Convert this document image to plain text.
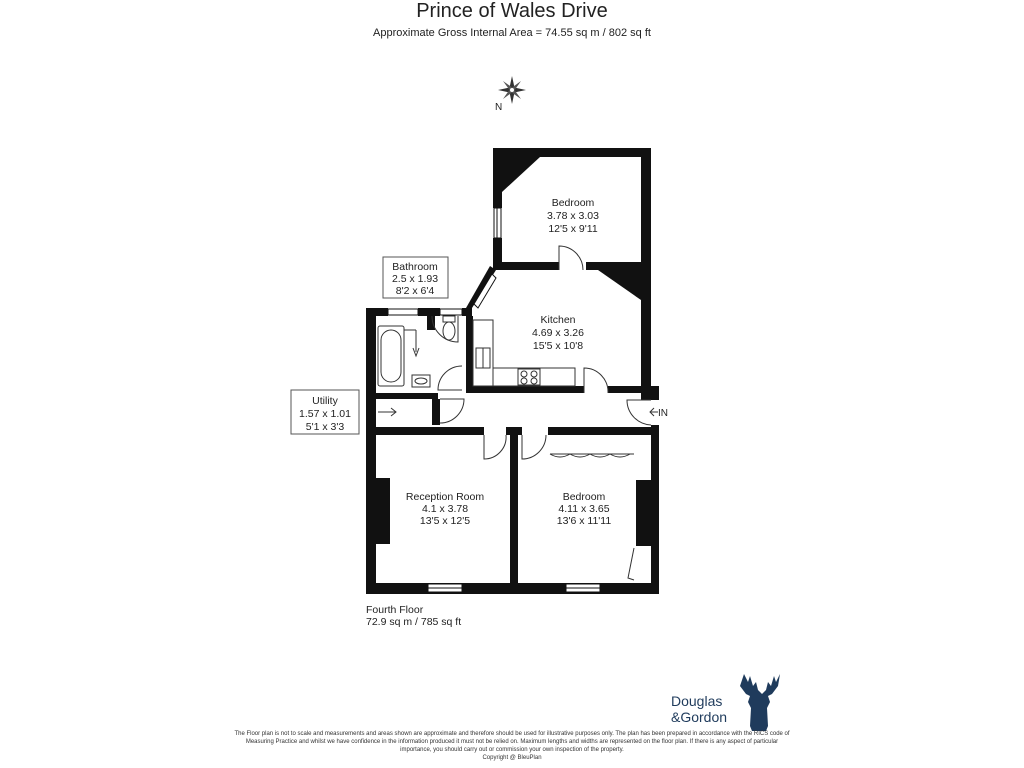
Prince of Wales Drive
Approximate Gross Internal Area = 74.55 sq m / 802 sq ft
N
IN
Bedroom
3.78 x 3.03
12'5 x 9'11
Bathroom
2.5 x 1.93
8'2 x 6'4
Kitchen
4.69 x 3.26
15'5 x 10'8
Utility
1.57 x 1.01
5'1 x 3'3
Reception Room
4.1 x 3.78
13'5 x 12'5
Bedroom
4.11 x 3.65
13'6 x 11'11
Fourth Floor
72.9 sq m / 785 sq ft
Douglas
&Gordon
The Floor plan is not to scale and measurements and areas shown are approximate and therefore should be used for illustrative purposes only. The plan has been prepared in accordance with the RICS code of Measuring Practice and whilst we have confidence in the information produced it must not be relied on. Maximum lengths and widths are represented on the floor plan. If there is any aspect of particular importance, you should carry out or commission your own inspection of the property.
Copyright @ BleuPlan
